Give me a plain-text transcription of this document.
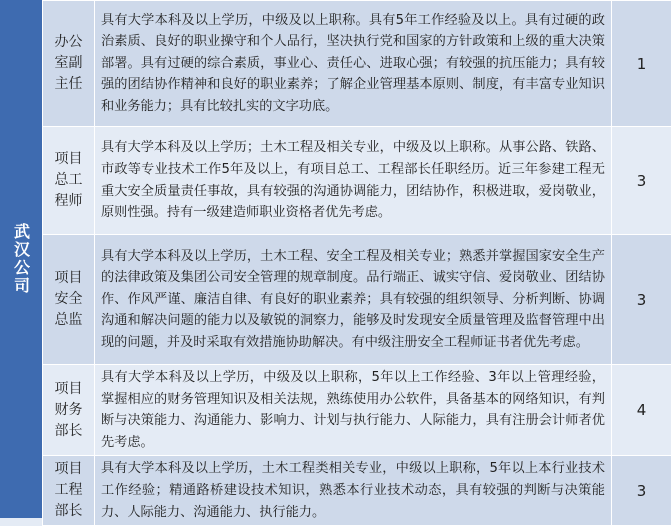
武汉公司
办公室副主任	具有大学本科及以上学历，中级及以上职称。具有5年工作经验及以上。具有过硬的政治素质、良好的职业操守和个人品行，坚决执行党和国家的方针政策和上级的重大决策部署。具有过硬的综合素质，事业心、责任心、进取心强；有较强的抗压能力；具有较强的团结协作精神和良好的职业素养；了解企业管理基本原则、制度，有丰富专业知识和业务能力；具有比较扎实的文字功底。	1
项目总工程师	具有大学本科及以上学历；土木工程及相关专业，中级及以上职称。从事公路、铁路、市政等专业技术工作5年及以上，有项目总工、工程部长任职经历。近三年参建工程无重大安全质量责任事故，具有较强的沟通协调能力，团结协作，积极进取，爱岗敬业，原则性强。持有一级建造师职业资格者优先考虑。	3
项目安全总监	具有大学本科及以上学历，土木工程、安全工程及相关专业；熟悉并掌握国家安全生产的法律政策及集团公司安全管理的规章制度。品行端正、诚实守信、爱岗敬业、团结协作、作风严谨、廉洁自律、有良好的职业素养；具有较强的组织领导、分析判断、协调沟通和解决问题的能力以及敏锐的洞察力，能够及时发现安全质量管理及监督管理中出现的问题，并及时采取有效措施协助解决。有中级注册安全工程师证书者优先考虑。	3
项目财务部长	具有大学本科及以上学历，中级及以上职称，5年以上工作经验、3年以上管理经验，掌握相应的财务管理知识及相关法规，熟练使用办公软件，具备基本的网络知识，有判断与决策能力、沟通能力、影响力、计划与执行能力、人际能力，具有注册会计师者优先考虑。	4
项目工程部长	具有大学本科及以上学历，土木工程类相关专业，中级以上职称，5年以上本行业技术工作经验；精通路桥建设技术知识，熟悉本行业技术动态，具有较强的判断与决策能力、人际能力、沟通能力、执行能力。	3
